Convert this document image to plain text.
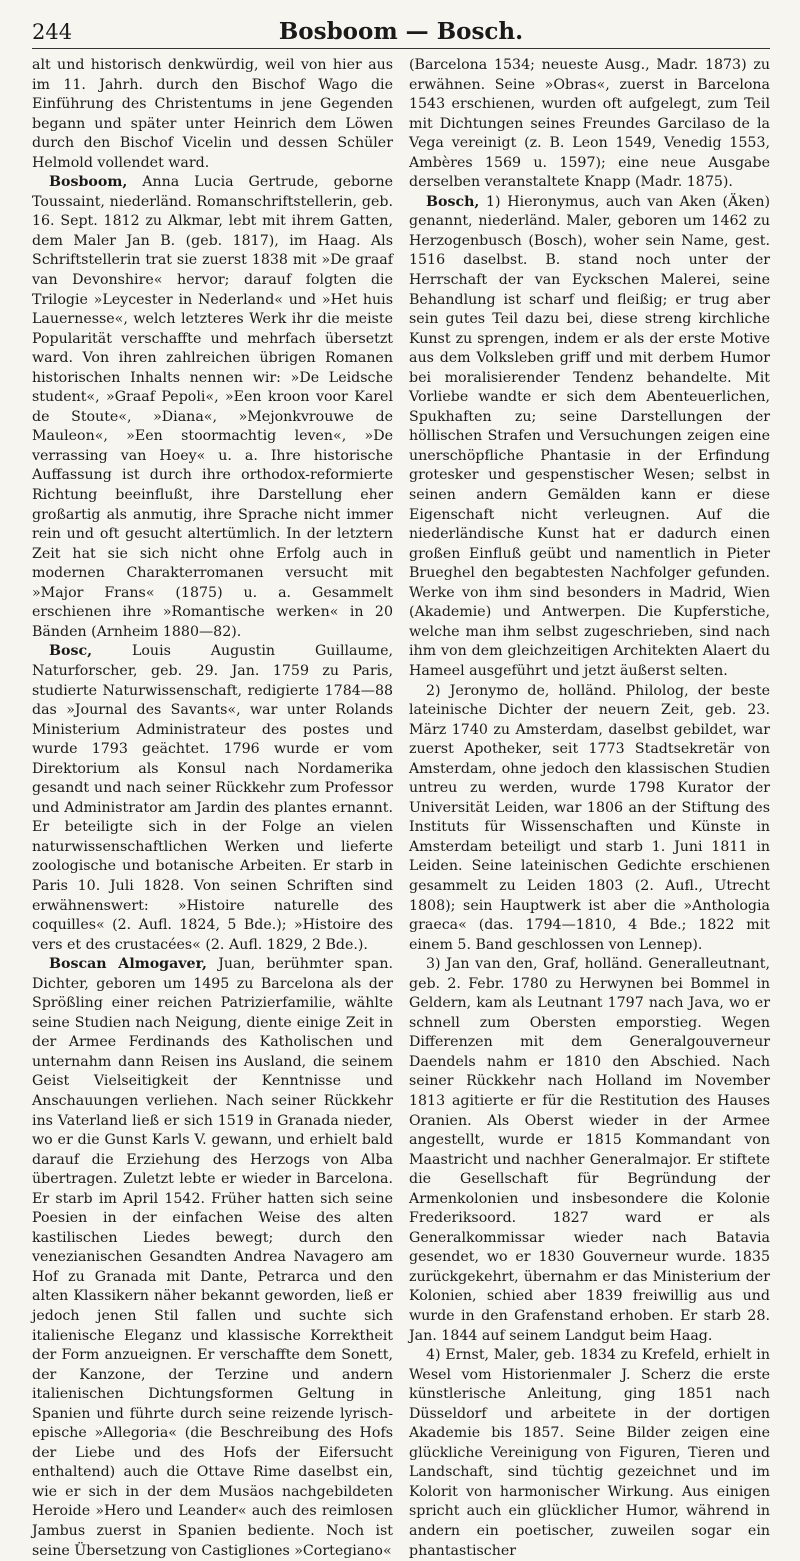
244	Bosboom — Bosch.

alt und historisch denkwürdig, weil von hier aus im 11. Jahrh. durch den Bischof Wago die Einführung des Christentums in jene Gegenden begann und später unter Heinrich dem Löwen durch den Bischof Vicelin und dessen Schüler Helmold vollendet ward.

Bosboom, Anna Lucia Gertrude, geborne Toussaint, niederländ. Romanschriftstellerin, geb. 16. Sept. 1812 zu Alkmar, lebt mit ihrem Gatten, dem Maler Jan B. (geb. 1817), im Haag. Als Schriftstellerin trat sie zuerst 1838 mit »De graaf van Devonshire« hervor; darauf folgten die Trilogie »Leycester in Nederland« und »Het huis Lauernesse«, welch letzteres Werk ihr die meiste Popularität verschaffte und mehrfach übersetzt ward. Von ihren zahlreichen übrigen Romanen historischen Inhalts nennen wir: »De Leidsche student«, »Graaf Pepoli«, »Een kroon voor Karel de Stoute«, »Diana«, »Mejonkvrouwe de Mauleon«, »Een stoormachtig leven«, »De verrassing van Hoey« u. a. Ihre historische Auffassung ist durch ihre orthodox-reformierte Richtung beeinflußt, ihre Darstellung eher großartig als anmutig, ihre Sprache nicht immer rein und oft gesucht altertümlich. In der letztern Zeit hat sie sich nicht ohne Erfolg auch in modernen Charakterromanen versucht mit »Major Frans« (1875) u. a. Gesammelt erschienen ihre »Romantische werken« in 20 Bänden (Arnheim 1880—82).

Bosc, Louis Augustin Guillaume, Naturforscher, geb. 29. Jan. 1759 zu Paris, studierte Naturwissenschaft, redigierte 1784—88 das »Journal des Savants«, war unter Rolands Ministerium Administrateur des postes und wurde 1793 geächtet. 1796 wurde er vom Direktorium als Konsul nach Nordamerika gesandt und nach seiner Rückkehr zum Professor und Administrator am Jardin des plantes ernannt. Er beteiligte sich in der Folge an vielen naturwissenschaftlichen Werken und lieferte zoologische und botanische Arbeiten. Er starb in Paris 10. Juli 1828. Von seinen Schriften sind erwähnenswert: »Histoire naturelle des coquilles« (2. Aufl. 1824, 5 Bde.); »Histoire des vers et des crustacées« (2. Aufl. 1829, 2 Bde.).

Boscan Almogaver, Juan, berühmter span. Dichter, geboren um 1495 zu Barcelona als der Sprößling einer reichen Patrizierfamilie, wählte seine Studien nach Neigung, diente einige Zeit in der Armee Ferdinands des Katholischen und unternahm dann Reisen ins Ausland, die seinem Geist Vielseitigkeit der Kenntnisse und Anschauungen verliehen. Nach seiner Rückkehr ins Vaterland ließ er sich 1519 in Granada nieder, wo er die Gunst Karls V. gewann, und erhielt bald darauf die Erziehung des Herzogs von Alba übertragen. Zuletzt lebte er wieder in Barcelona. Er starb im April 1542. Früher hatten sich seine Poesien in der einfachen Weise des alten kastilischen Liedes bewegt; durch den venezianischen Gesandten Andrea Navagero am Hof zu Granada mit Dante, Petrarca und den alten Klassikern näher bekannt geworden, ließ er jedoch jenen Stil fallen und suchte sich italienische Eleganz und klassische Korrektheit der Form anzueignen. Er verschaffte dem Sonett, der Kanzone, der Terzine und andern italienischen Dichtungsformen Geltung in Spanien und führte durch seine reizende lyrisch-epische »Allegoria« (die Beschreibung des Hofs der Liebe und des Hofs der Eifersucht enthaltend) auch die Ottave Rime daselbst ein, wie er sich in der dem Musäos nachgebildeten Heroide »Hero und Leander« auch des reimlosen Jambus zuerst in Spanien bediente. Noch ist seine Übersetzung von Castigliones »Cortegiano«

(Barcelona 1534; neueste Ausg., Madr. 1873) zu erwähnen. Seine »Obras«, zuerst in Barcelona 1543 erschienen, wurden oft aufgelegt, zum Teil mit Dichtungen seines Freundes Garcilaso de la Vega vereinigt (z. B. Leon 1549, Venedig 1553, Ambères 1569 u. 1597); eine neue Ausgabe derselben veranstaltete Knapp (Madr. 1875).

Bosch, 1) Hieronymus, auch van Aken (Äken) genannt, niederländ. Maler, geboren um 1462 zu Herzogenbusch (Bosch), woher sein Name, gest. 1516 daselbst. B. stand noch unter der Herrschaft der van Eyckschen Malerei, seine Behandlung ist scharf und fleißig; er trug aber sein gutes Teil dazu bei, diese streng kirchliche Kunst zu sprengen, indem er als der erste Motive aus dem Volksleben griff und mit derbem Humor bei moralisierender Tendenz behandelte. Mit Vorliebe wandte er sich dem Abenteuerlichen, Spukhaften zu; seine Darstellungen der höllischen Strafen und Versuchungen zeigen eine unerschöpfliche Phantasie in der Erfindung grotesker und gespenstischer Wesen; selbst in seinen andern Gemälden kann er diese Eigenschaft nicht verleugnen. Auf die niederländische Kunst hat er dadurch einen großen Einfluß geübt und namentlich in Pieter Brueghel den begabtesten Nachfolger gefunden. Werke von ihm sind besonders in Madrid, Wien (Akademie) und Antwerpen. Die Kupferstiche, welche man ihm selbst zugeschrieben, sind nach ihm von dem gleichzeitigen Architekten Alaert du Hameel ausgeführt und jetzt äußerst selten.

2) Jeronymo de, holländ. Philolog, der beste lateinische Dichter der neuern Zeit, geb. 23. März 1740 zu Amsterdam, daselbst gebildet, war zuerst Apotheker, seit 1773 Stadtsekretär von Amsterdam, ohne jedoch den klassischen Studien untreu zu werden, wurde 1798 Kurator der Universität Leiden, war 1806 an der Stiftung des Instituts für Wissenschaften und Künste in Amsterdam beteiligt und starb 1. Juni 1811 in Leiden. Seine lateinischen Gedichte erschienen gesammelt zu Leiden 1803 (2. Aufl., Utrecht 1808); sein Hauptwerk ist aber die »Anthologia graeca« (das. 1794—1810, 4 Bde.; 1822 mit einem 5. Band geschlossen von Lennep).

3) Jan van den, Graf, holländ. Generalleutnant, geb. 2. Febr. 1780 zu Herwynen bei Bommel in Geldern, kam als Leutnant 1797 nach Java, wo er schnell zum Obersten emporstieg. Wegen Differenzen mit dem Generalgouverneur Daendels nahm er 1810 den Abschied. Nach seiner Rückkehr nach Holland im November 1813 agitierte er für die Restitution des Hauses Oranien. Als Oberst wieder in der Armee angestellt, wurde er 1815 Kommandant von Maastricht und nachher Generalmajor. Er stiftete die Gesellschaft für Begründung der Armenkolonien und insbesondere die Kolonie Frederiksoord. 1827 ward er als Generalkommissar wieder nach Batavia gesendet, wo er 1830 Gouverneur wurde. 1835 zurückgekehrt, übernahm er das Ministerium der Kolonien, schied aber 1839 freiwillig aus und wurde in den Grafenstand erhoben. Er starb 28. Jan. 1844 auf seinem Landgut beim Haag.

4) Ernst, Maler, geb. 1834 zu Krefeld, erhielt in Wesel vom Historienmaler J. Scherz die erste künstlerische Anleitung, ging 1851 nach Düsseldorf und arbeitete in der dortigen Akademie bis 1857. Seine Bilder zeigen eine glückliche Vereinigung von Figuren, Tieren und Landschaft, sind tüchtig gezeichnet und im Kolorit von harmonischer Wirkung. Aus einigen spricht auch ein glücklicher Humor, während in andern ein poetischer, zuweilen sogar ein phantastischer
